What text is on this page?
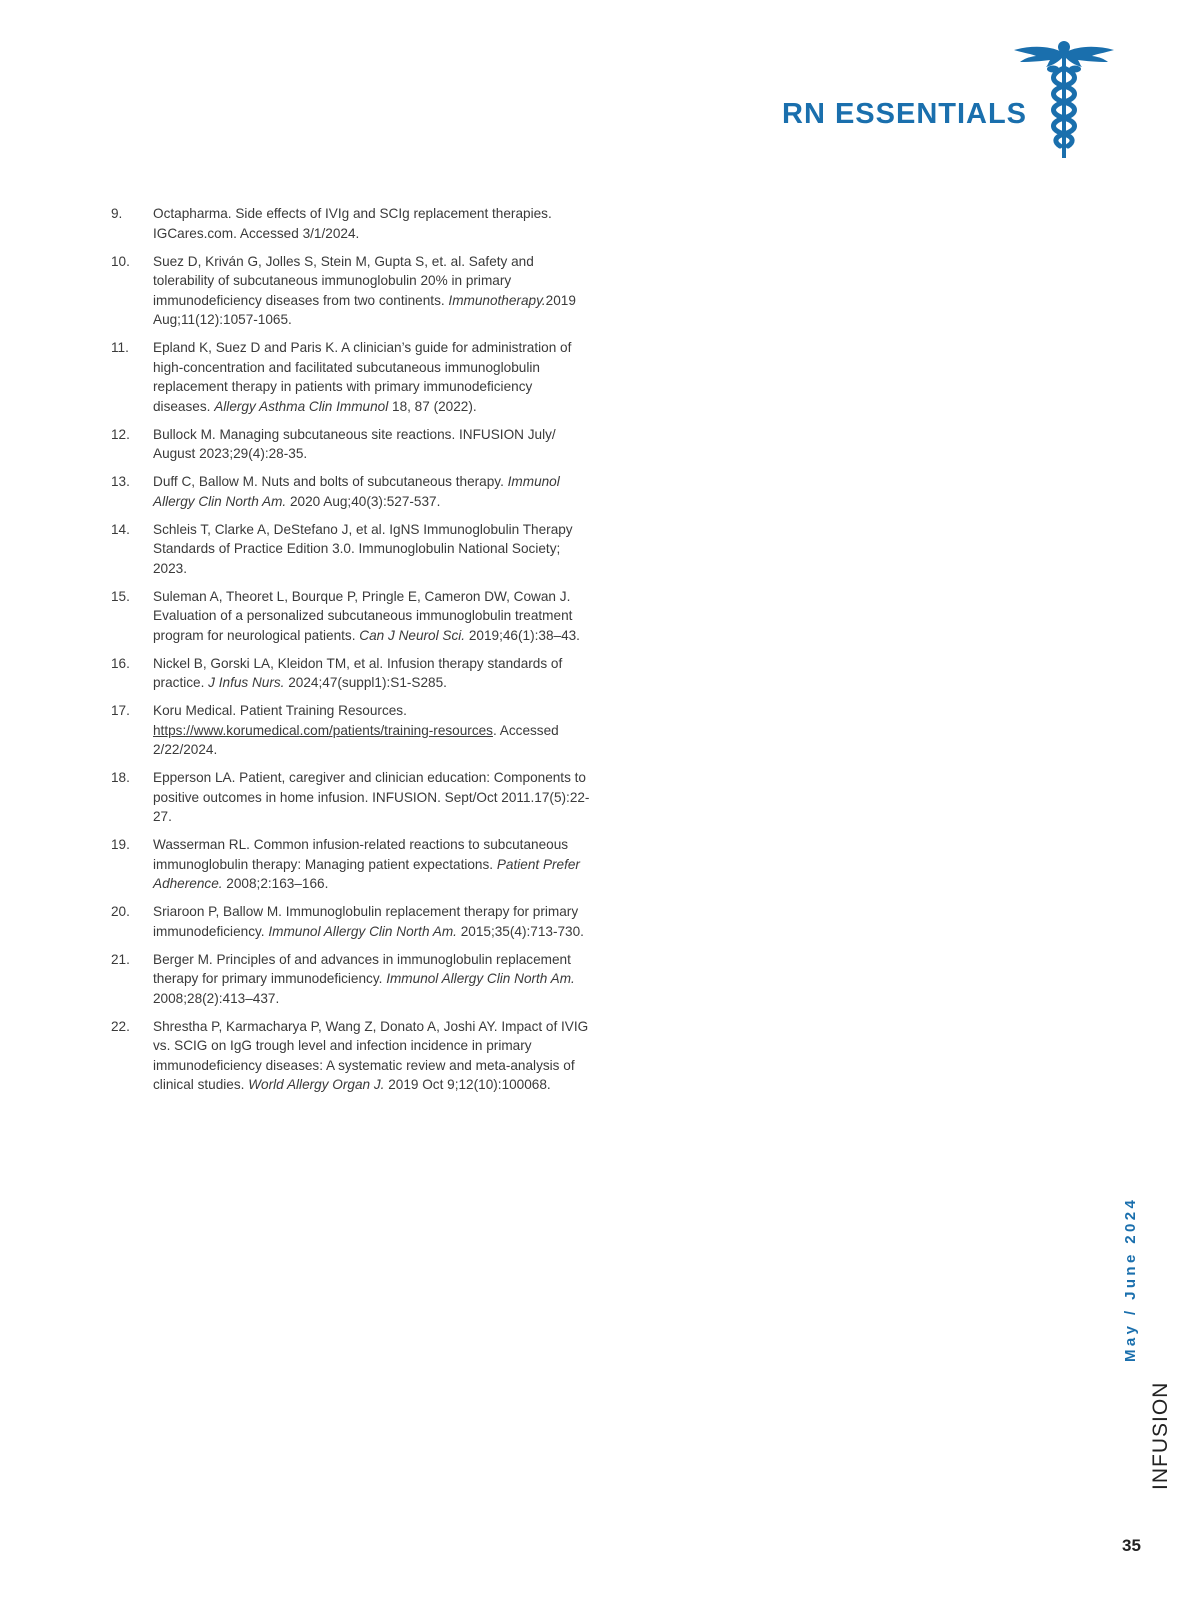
RN ESSENTIALS
9. Octapharma. Side effects of IVIg and SCIg replacement therapies. IGCares.com. Accessed 3/1/2024.
10. Suez D, Kriván G, Jolles S, Stein M, Gupta S, et. al. Safety and tolerability of subcutaneous immunoglobulin 20% in primary immunodeficiency diseases from two continents. Immunotherapy.2019 Aug;11(12):1057-1065.
11. Epland K, Suez D and Paris K. A clinician’s guide for administration of high-concentration and facilitated subcutaneous immunoglobulin replacement therapy in patients with primary immunodeficiency diseases. Allergy Asthma Clin Immunol 18, 87 (2022).
12. Bullock M. Managing subcutaneous site reactions. INFUSION July/ August 2023;29(4):28-35.
13. Duff C, Ballow M. Nuts and bolts of subcutaneous therapy. Immunol Allergy Clin North Am. 2020 Aug;40(3):527-537.
14. Schleis T, Clarke A, DeStefano J, et al. IgNS Immunoglobulin Therapy Standards of Practice Edition 3.0. Immunoglobulin National Society; 2023.
15. Suleman A, Theoret L, Bourque P, Pringle E, Cameron DW, Cowan J. Evaluation of a personalized subcutaneous immunoglobulin treatment program for neurological patients. Can J Neurol Sci. 2019;46(1):38–43.
16. Nickel B, Gorski LA, Kleidon TM, et al. Infusion therapy standards of practice. J Infus Nurs. 2024;47(suppl1):S1-S285.
17. Koru Medical. Patient Training Resources. https://www.korumedical.com/patients/training-resources. Accessed 2/22/2024.
18. Epperson LA. Patient, caregiver and clinician education: Components to positive outcomes in home infusion. INFUSION. Sept/Oct 2011.17(5):22-27.
19. Wasserman RL. Common infusion-related reactions to subcutaneous immunoglobulin therapy: Managing patient expectations. Patient Prefer Adherence. 2008;2:163–166.
20. Sriaroon P, Ballow M. Immunoglobulin replacement therapy for primary immunodeficiency. Immunol Allergy Clin North Am. 2015;35(4):713-730.
21. Berger M. Principles of and advances in immunoglobulin replacement therapy for primary immunodeficiency. Immunol Allergy Clin North Am. 2008;28(2):413–437.
22. Shrestha P, Karmacharya P, Wang Z, Donato A, Joshi AY. Impact of IVIG vs. SCIG on IgG trough level and infection incidence in primary immunodeficiency diseases: A systematic review and meta-analysis of clinical studies. World Allergy Organ J. 2019 Oct 9;12(10):100068.
May / June 2024
INFUSION
35
